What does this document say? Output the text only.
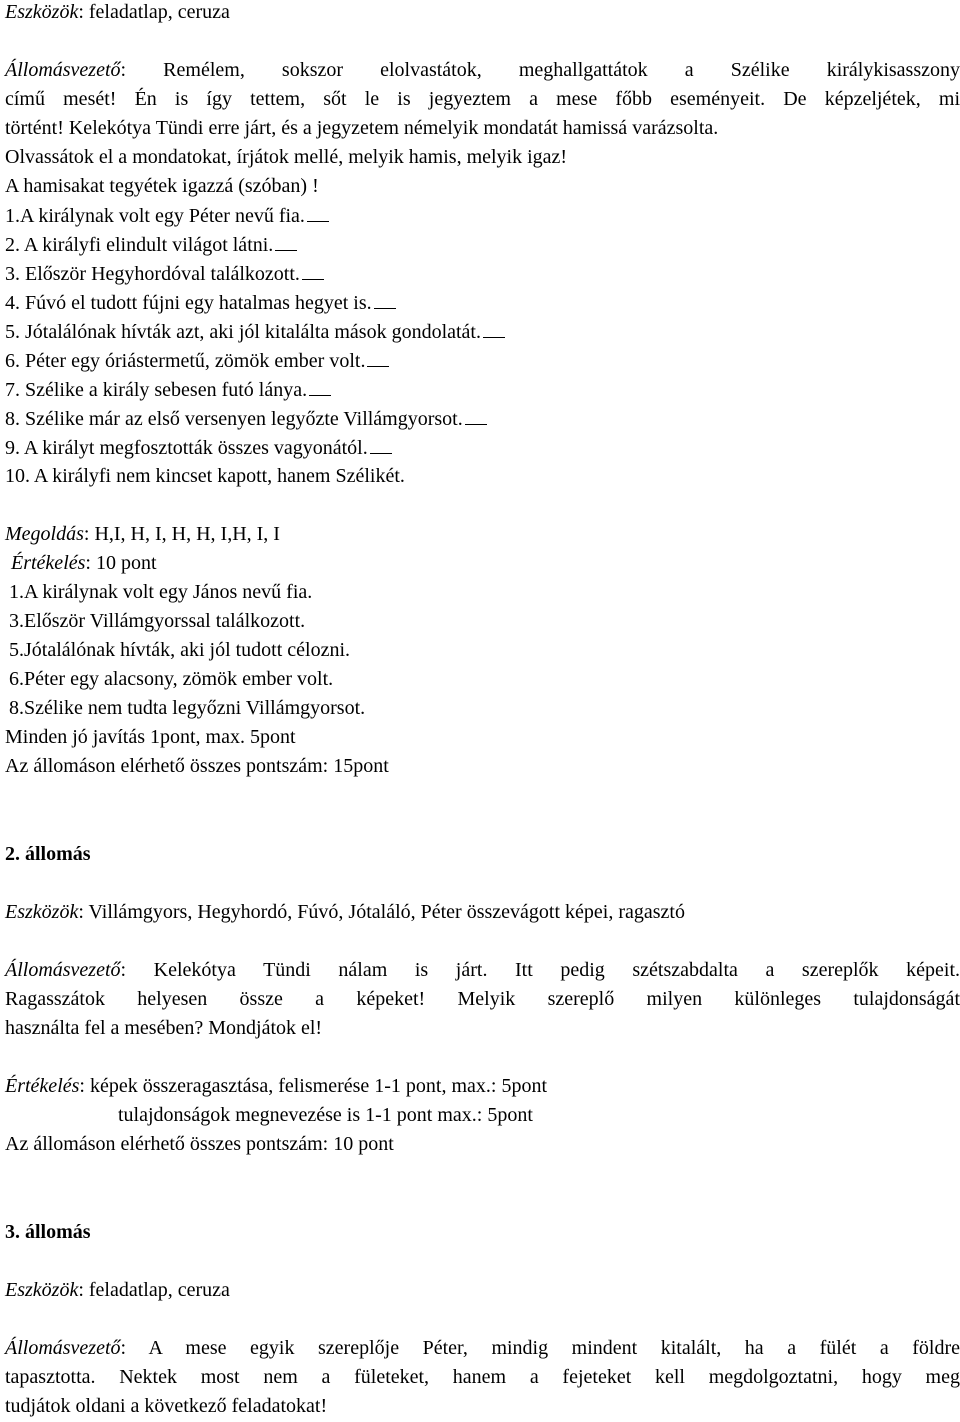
Eszközök: feladatlap, ceruza
Állomásvezető: Remélem, sokszor elolvastátok, meghallgattátok a Szélike királykisasszony
című mesét! Én is így tettem, sőt le is jegyeztem a mese főbb eseményeit. De képzeljétek, mi
történt! Kelekótya Tündi erre járt, és a jegyzetem némelyik mondatát hamissá varázsolta.
Olvassátok el a mondatokat, írjátok mellé, melyik hamis, melyik igaz!
A hamisakat tegyétek igazzá (szóban) !
1.A királynak volt egy Péter nevű fia.
2. A királyfi elindult világot látni.
3. Először Hegyhordóval találkozott.
4. Fúvó el tudott fújni egy hatalmas hegyet is.
5. Jótalálónak hívták azt, aki jól kitalálta mások gondolatát.
6. Péter egy óriástermetű, zömök ember volt.
7. Szélike a király sebesen futó lánya.
8. Szélike már az első versenyen legyőzte Villámgyorsot.
9. A királyt megfosztották összes vagyonától.
10. A királyfi nem kincset kapott, hanem Szélikét.
Megoldás: H,I, H, I, H, H, I,H, I, I
Értékelés: 10 pont
1.A királynak volt egy János nevű fia.
3.Először Villámgyorssal találkozott.
5.Jótalálónak hívták, aki jól tudott célozni.
6.Péter egy alacsony, zömök ember volt.
8.Szélike nem tudta legyőzni Villámgyorsot.
Minden jó javítás 1pont, max. 5pont
Az állomáson elérhető összes pontszám: 15pont
2. állomás
Eszközök: Villámgyors, Hegyhordó, Fúvó, Jótaláló, Péter összevágott képei, ragasztó
Állomásvezető: Kelekótya Tündi nálam is járt. Itt pedig szétszabdalta a szereplők képeit.
Ragasszátok helyesen össze a képeket! Melyik szereplő milyen különleges tulajdonságát
használta fel a mesében? Mondjátok el!
Értékelés: képek összeragasztása, felismerése 1-1 pont, max.: 5pont
tulajdonságok megnevezése is 1-1 pont max.: 5pont
Az állomáson elérhető összes pontszám: 10 pont
3. állomás
Eszközök: feladatlap, ceruza
Állomásvezető: A mese egyik szereplője Péter, mindig mindent kitalált, ha a fülét a földre
tapasztotta. Nektek most nem a fületeket, hanem a fejeteket kell megdolgoztatni, hogy meg
tudjátok oldani a következő feladatokat!
